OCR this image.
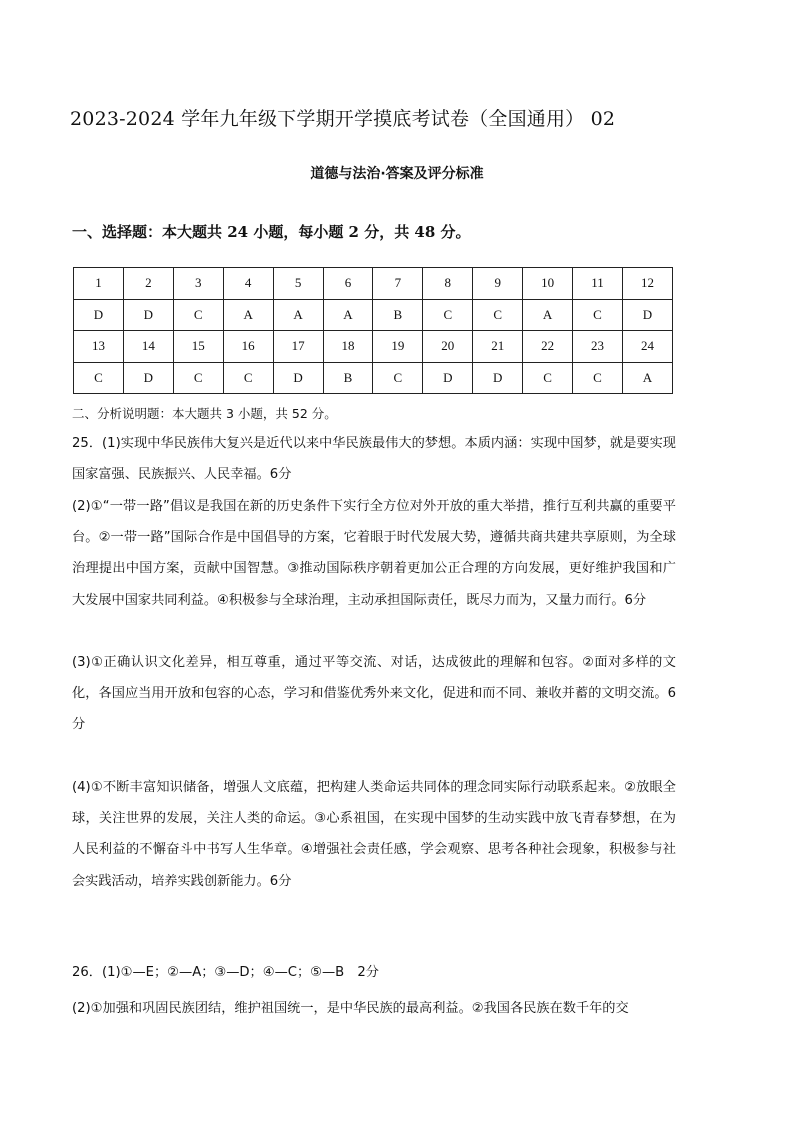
2023-2024 学年九年级下学期开学摸底考试卷（全国通用） 02
道德与法治·答案及评分标准
一、选择题：本大题共 24 小题，每小题 2 分，共 48 分。
1	2	3	4	5	6	7	8	9	10	11	12
D	D	C	A	A	A	B	C	C	A	C	D
13	14	15	16	17	18	19	20	21	22	23	24
C	D	C	C	D	B	C	D	D	C	C	A
二、分析说明题：本大题共 3 小题，共 52 分。
25．(1)实现中华民族伟大复兴是近代以来中华民族最伟大的梦想。本质内涵：实现中国梦，就是要实现国家富强、民族振兴、人民幸福。6分
(2)①“一带一路”倡议是我国在新的历史条件下实行全方位对外开放的重大举措，推行互利共赢的重要平台。②一带一路”国际合作是中国倡导的方案，它着眼于时代发展大势，遵循共商共建共享原则，为全球治理提出中国方案，贡献中国智慧。③推动国际秩序朝着更加公正合理的方向发展，更好维护我国和广大发展中国家共同利益。④积极参与全球治理，主动承担国际责任，既尽力而为，又量力而行。6分
(3)①正确认识文化差异，相互尊重，通过平等交流、对话，达成彼此的理解和包容。②面对多样的文化，各国应当用开放和包容的心态，学习和借鉴优秀外来文化，促进和而不同、兼收并蓄的文明交流。6分
(4)①不断丰富知识储备，增强人文底蕴，把构建人类命运共同体的理念同实际行动联系起来。②放眼全球，关注世界的发展，关注人类的命运。③心系祖国，在实现中国梦的生动实践中放飞青春梦想，在为人民利益的不懈奋斗中书写人生华章。④增强社会责任感，学会观察、思考各种社会现象，积极参与社会实践活动，培养实践创新能力。6分
26．(1)①—E；②—A；③—D；④—C；⑤—B　2分
(2)①加强和巩固民族团结，维护祖国统一，是中华民族的最高利益。②我国各民族在数千年的交
